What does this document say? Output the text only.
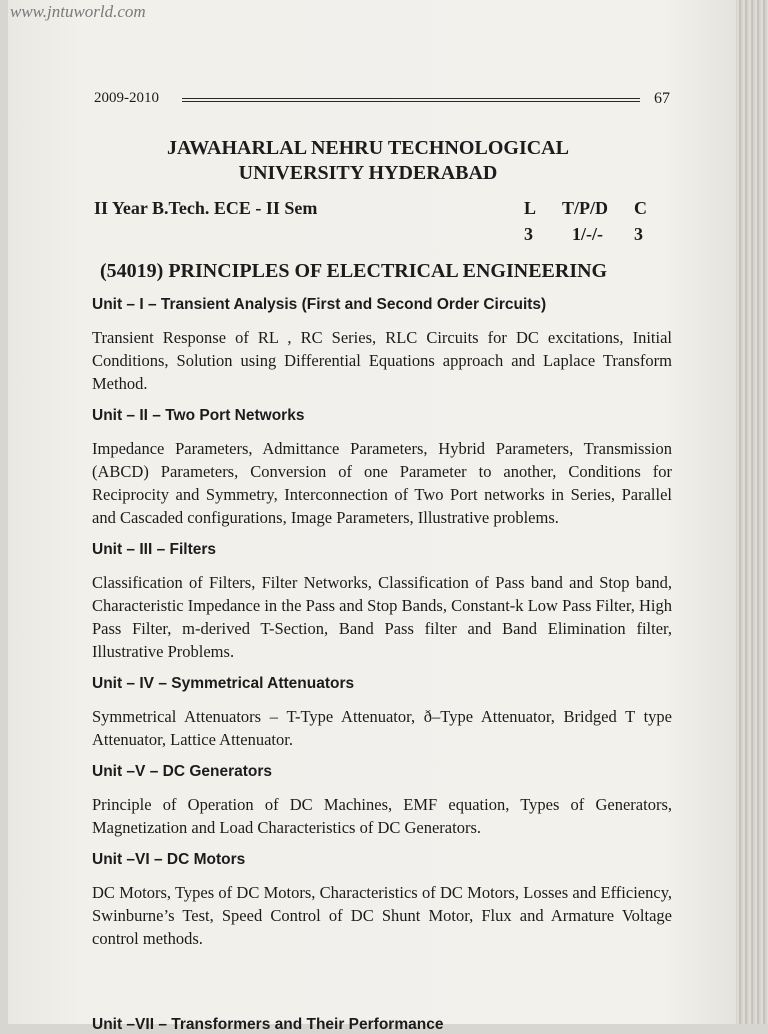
www.jntuworld.com
2009-2010	67
JAWAHARLAL NEHRU TECHNOLOGICAL
UNIVERSITY HYDERABAD
II Year B.Tech. ECE - II Sem	L T/P/D C
3 1/-/- 3
(54019) PRINCIPLES OF ELECTRICAL ENGINEERING
Unit – I – Transient Analysis (First and Second Order Circuits)
Transient Response of RL , RC Series, RLC Circuits for DC excitations, Initial Conditions, Solution using Differential Equations approach and Laplace Transform Method.
Unit – II – Two Port Networks
Impedance Parameters, Admittance Parameters, Hybrid Parameters, Transmission (ABCD) Parameters, Conversion of one Parameter to another, Conditions for Reciprocity and Symmetry, Interconnection of Two Port networks in Series, Parallel and Cascaded configurations, Image Parameters, Illustrative problems.
Unit – III – Filters
Classification of Filters, Filter Networks, Classification of Pass band and Stop band, Characteristic Impedance in the Pass and Stop Bands, Constant-k Low Pass Filter, High Pass Filter, m-derived T-Section, Band Pass filter and Band Elimination filter, Illustrative Problems.
Unit – IV – Symmetrical Attenuators
Symmetrical Attenuators – T-Type Attenuator, ð–Type Attenuator, Bridged T type Attenuator, Lattice Attenuator.
Unit –V – DC Generators
Principle of Operation of DC Machines, EMF equation, Types of Generators, Magnetization and Load Characteristics of DC Generators.
Unit –VI – DC Motors
DC Motors, Types of DC Motors, Characteristics of DC Motors, Losses and Efficiency, Swinburne’s Test, Speed Control of DC Shunt Motor, Flux and Armature Voltage control methods.
Unit –VII – Transformers and Their Performance
